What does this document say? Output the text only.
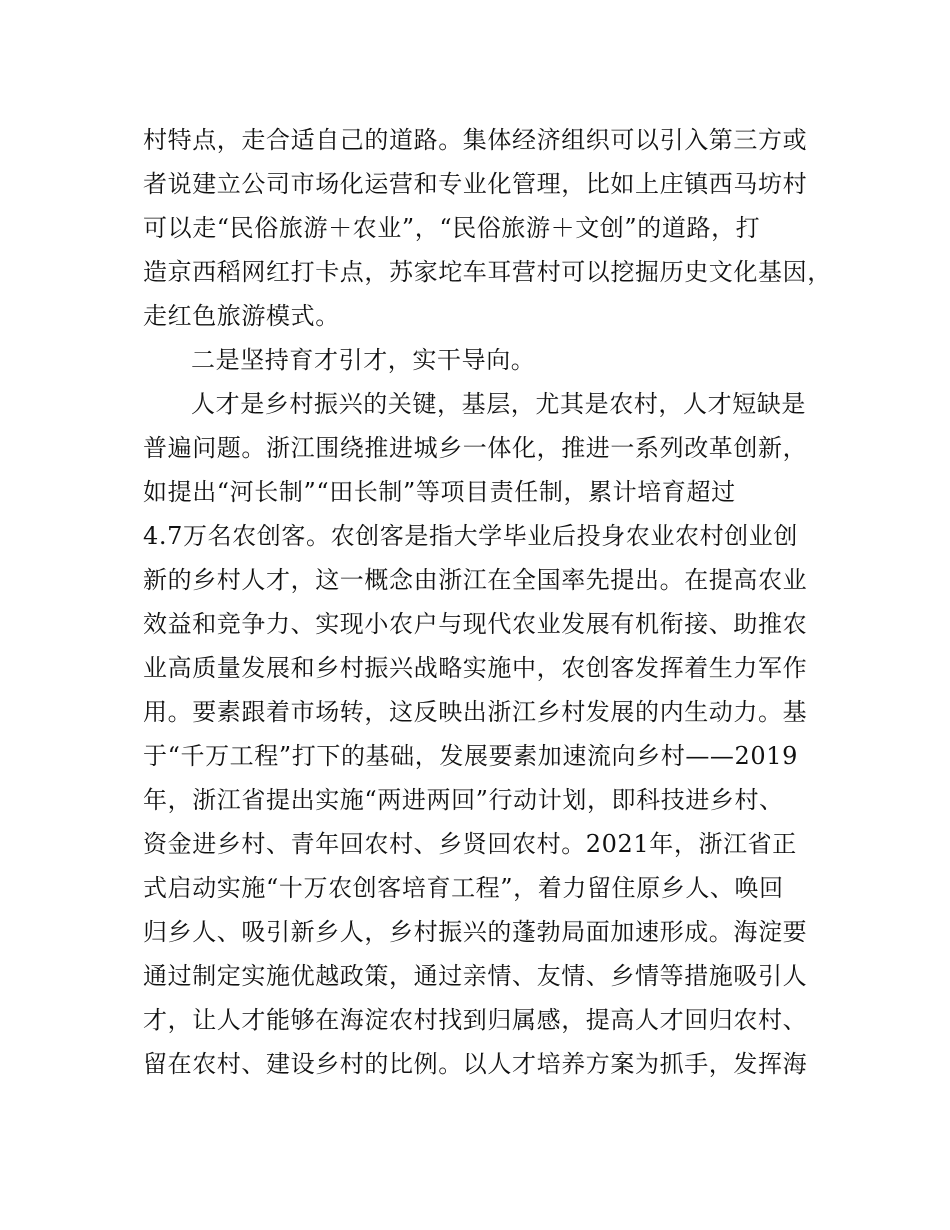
村特点，走合适自己的道路。集体经济组织可以引入第三方或
者说建立公司市场化运营和专业化管理，比如上庄镇西马坊村
可以走“民俗旅游＋农业”，“民俗旅游＋文创”的道路，打
造京西稻网红打卡点，苏家坨车耳营村可以挖掘历史文化基因，
走红色旅游模式。
二是坚持育才引才，实干导向。
人才是乡村振兴的关键，基层，尤其是农村，人才短缺是
普遍问题。浙江围绕推进城乡一体化，推进一系列改革创新，
如提出“河长制”“田长制”等项目责任制，累计培育超过
4.7万名农创客。农创客是指大学毕业后投身农业农村创业创
新的乡村人才，这一概念由浙江在全国率先提出。在提高农业
效益和竞争力、实现小农户与现代农业发展有机衔接、助推农
业高质量发展和乡村振兴战略实施中，农创客发挥着生力军作
用。要素跟着市场转，这反映出浙江乡村发展的内生动力。基
于“千万工程”打下的基础，发展要素加速流向乡村——2019
年，浙江省提出实施“两进两回”行动计划，即科技进乡村、
资金进乡村、青年回农村、乡贤回农村。2021年，浙江省正
式启动实施“十万农创客培育工程”，着力留住原乡人、唤回
归乡人、吸引新乡人，乡村振兴的蓬勃局面加速形成。海淀要
通过制定实施优越政策，通过亲情、友情、乡情等措施吸引人
才，让人才能够在海淀农村找到归属感，提高人才回归农村、
留在农村、建设乡村的比例。以人才培养方案为抓手，发挥海
